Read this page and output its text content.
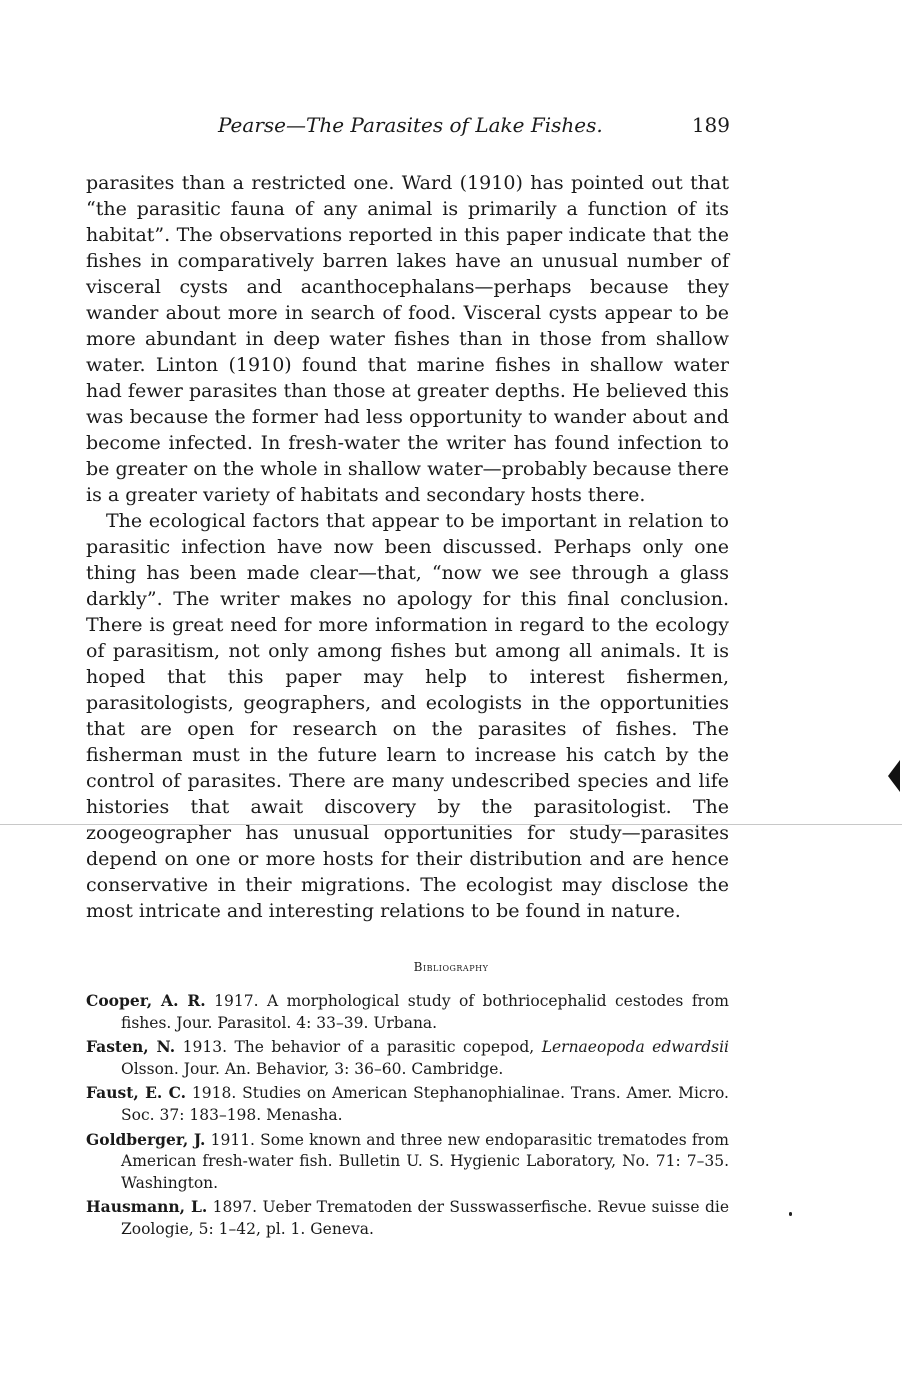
Pearse—The Parasites of Lake Fishes.	189

parasites than a restricted one. Ward (1910) has pointed out that “the parasitic fauna of any animal is primarily a function of its habitat”. The observations reported in this paper indicate that the fishes in comparatively barren lakes have an unusual number of visceral cysts and acanthocephalans—perhaps because they wander about more in search of food. Visceral cysts appear to be more abundant in deep water fishes than in those from shallow water. Linton (1910) found that marine fishes in shallow water had fewer parasites than those at greater depths. He believed this was because the former had less opportunity to wander about and become infected. In fresh-water the writer has found infection to be greater on the whole in shallow water—probably because there is a greater variety of habitats and secondary hosts there.

The ecological factors that appear to be important in relation to parasitic infection have now been discussed. Perhaps only one thing has been made clear—that, “now we see through a glass darkly”. The writer makes no apology for this final conclusion. There is great need for more information in regard to the ecology of parasitism, not only among fishes but among all animals. It is hoped that this paper may help to interest fishermen, parasitologists, geographers, and ecologists in the opportunities that are open for research on the parasites of fishes. The fisherman must in the future learn to increase his catch by the control of parasites. There are many undescribed species and life histories that await discovery by the parasitologist. The zoogeographer has unusual opportunities for study—parasites depend on one or more hosts for their distribution and are hence conservative in their migrations. The ecologist may disclose the most intricate and interesting relations to be found in nature.

Bibliography

Cooper, A. R. 1917. A morphological study of bothriocephalid cestodes from fishes. Jour. Parasitol. 4: 33–39. Urbana.

Fasten, N. 1913. The behavior of a parasitic copepod, Lernaeopoda edwardsii Olsson. Jour. An. Behavior, 3: 36–60. Cambridge.

Faust, E. C. 1918. Studies on American Stephanophialinae. Trans. Amer. Micro. Soc. 37: 183–198. Menasha.

Goldberger, J. 1911. Some known and three new endoparasitic trematodes from American fresh-water fish. Bulletin U. S. Hygienic Laboratory, No. 71: 7–35. Washington.

Hausmann, L. 1897. Ueber Trematoden der Susswasserfische. Revue suisse die Zoologie, 5: 1–42, pl. 1. Geneva.
